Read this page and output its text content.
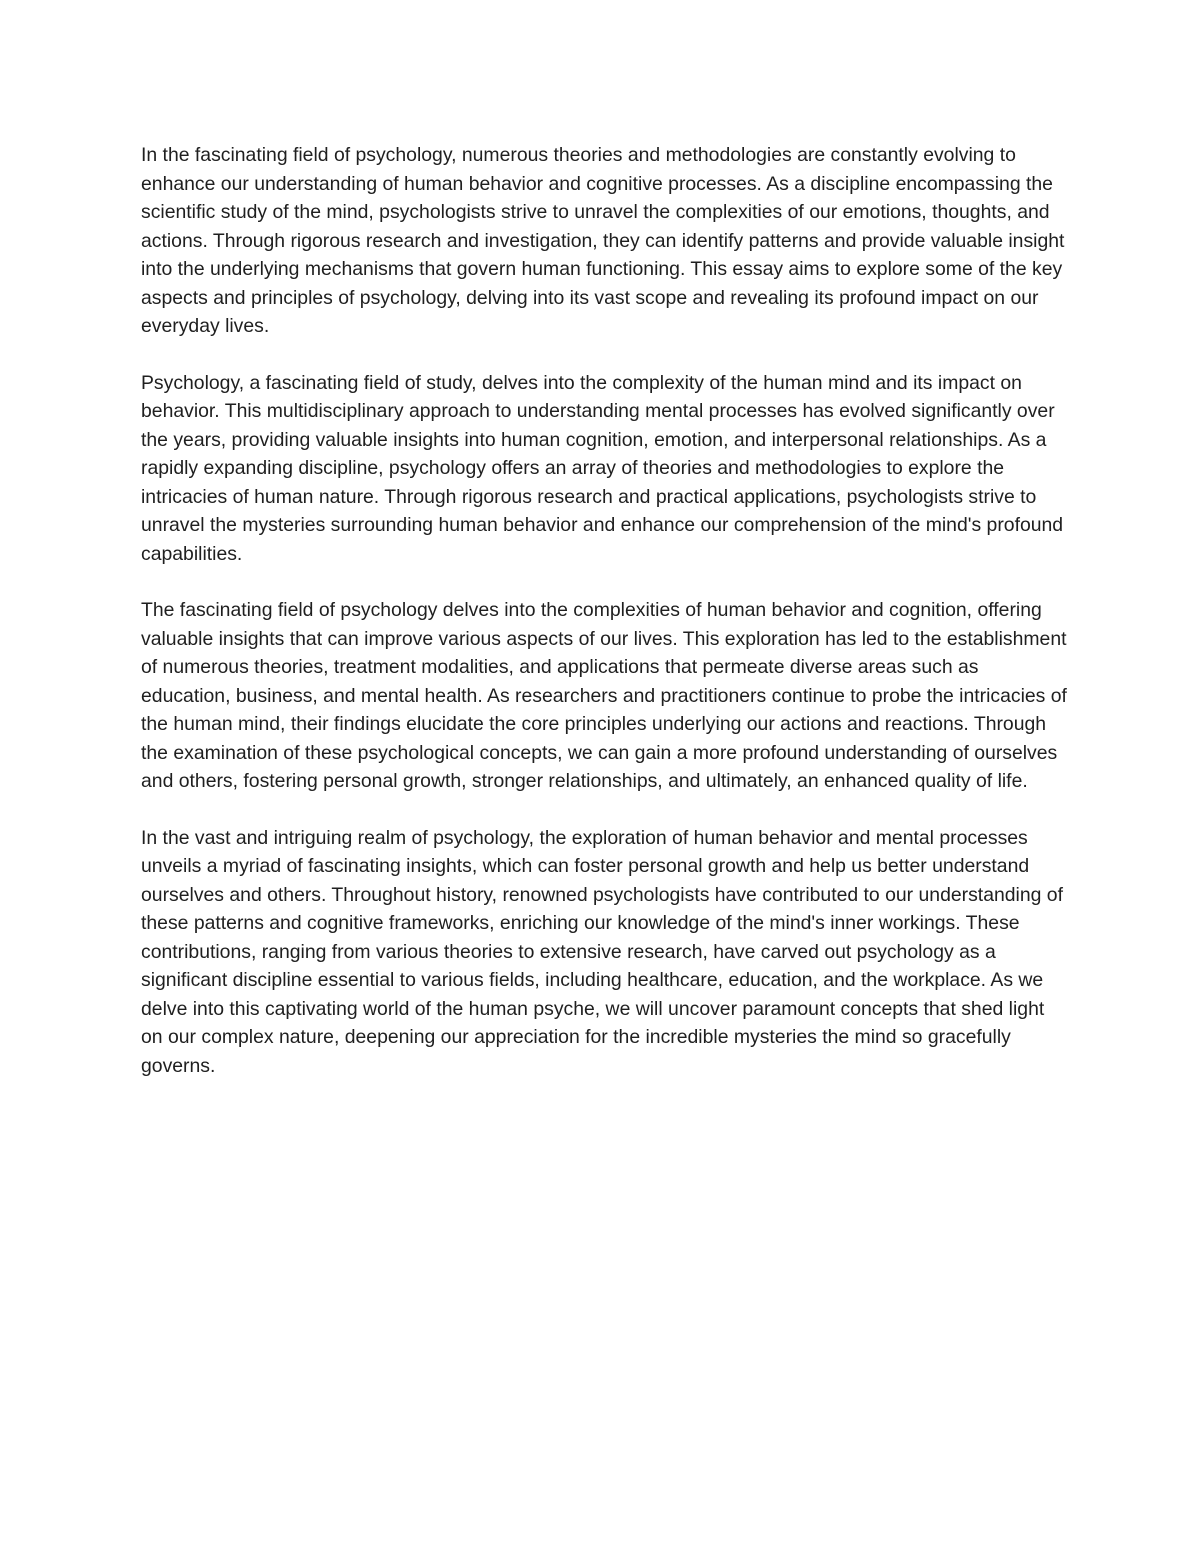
In the fascinating field of psychology, numerous theories and methodologies are constantly evolving to enhance our understanding of human behavior and cognitive processes. As a discipline encompassing the scientific study of the mind, psychologists strive to unravel the complexities of our emotions, thoughts, and actions. Through rigorous research and investigation, they can identify patterns and provide valuable insight into the underlying mechanisms that govern human functioning. This essay aims to explore some of the key aspects and principles of psychology, delving into its vast scope and revealing its profound impact on our everyday lives.

Psychology, a fascinating field of study, delves into the complexity of the human mind and its impact on behavior. This multidisciplinary approach to understanding mental processes has evolved significantly over the years, providing valuable insights into human cognition, emotion, and interpersonal relationships. As a rapidly expanding discipline, psychology offers an array of theories and methodologies to explore the intricacies of human nature. Through rigorous research and practical applications, psychologists strive to unravel the mysteries surrounding human behavior and enhance our comprehension of the mind's profound capabilities.

The fascinating field of psychology delves into the complexities of human behavior and cognition, offering valuable insights that can improve various aspects of our lives. This exploration has led to the establishment of numerous theories, treatment modalities, and applications that permeate diverse areas such as education, business, and mental health. As researchers and practitioners continue to probe the intricacies of the human mind, their findings elucidate the core principles underlying our actions and reactions. Through the examination of these psychological concepts, we can gain a more profound understanding of ourselves and others, fostering personal growth, stronger relationships, and ultimately, an enhanced quality of life.

In the vast and intriguing realm of psychology, the exploration of human behavior and mental processes unveils a myriad of fascinating insights, which can foster personal growth and help us better understand ourselves and others. Throughout history, renowned psychologists have contributed to our understanding of these patterns and cognitive frameworks, enriching our knowledge of the mind's inner workings. These contributions, ranging from various theories to extensive research, have carved out psychology as a significant discipline essential to various fields, including healthcare, education, and the workplace. As we delve into this captivating world of the human psyche, we will uncover paramount concepts that shed light on our complex nature, deepening our appreciation for the incredible mysteries the mind so gracefully governs.
